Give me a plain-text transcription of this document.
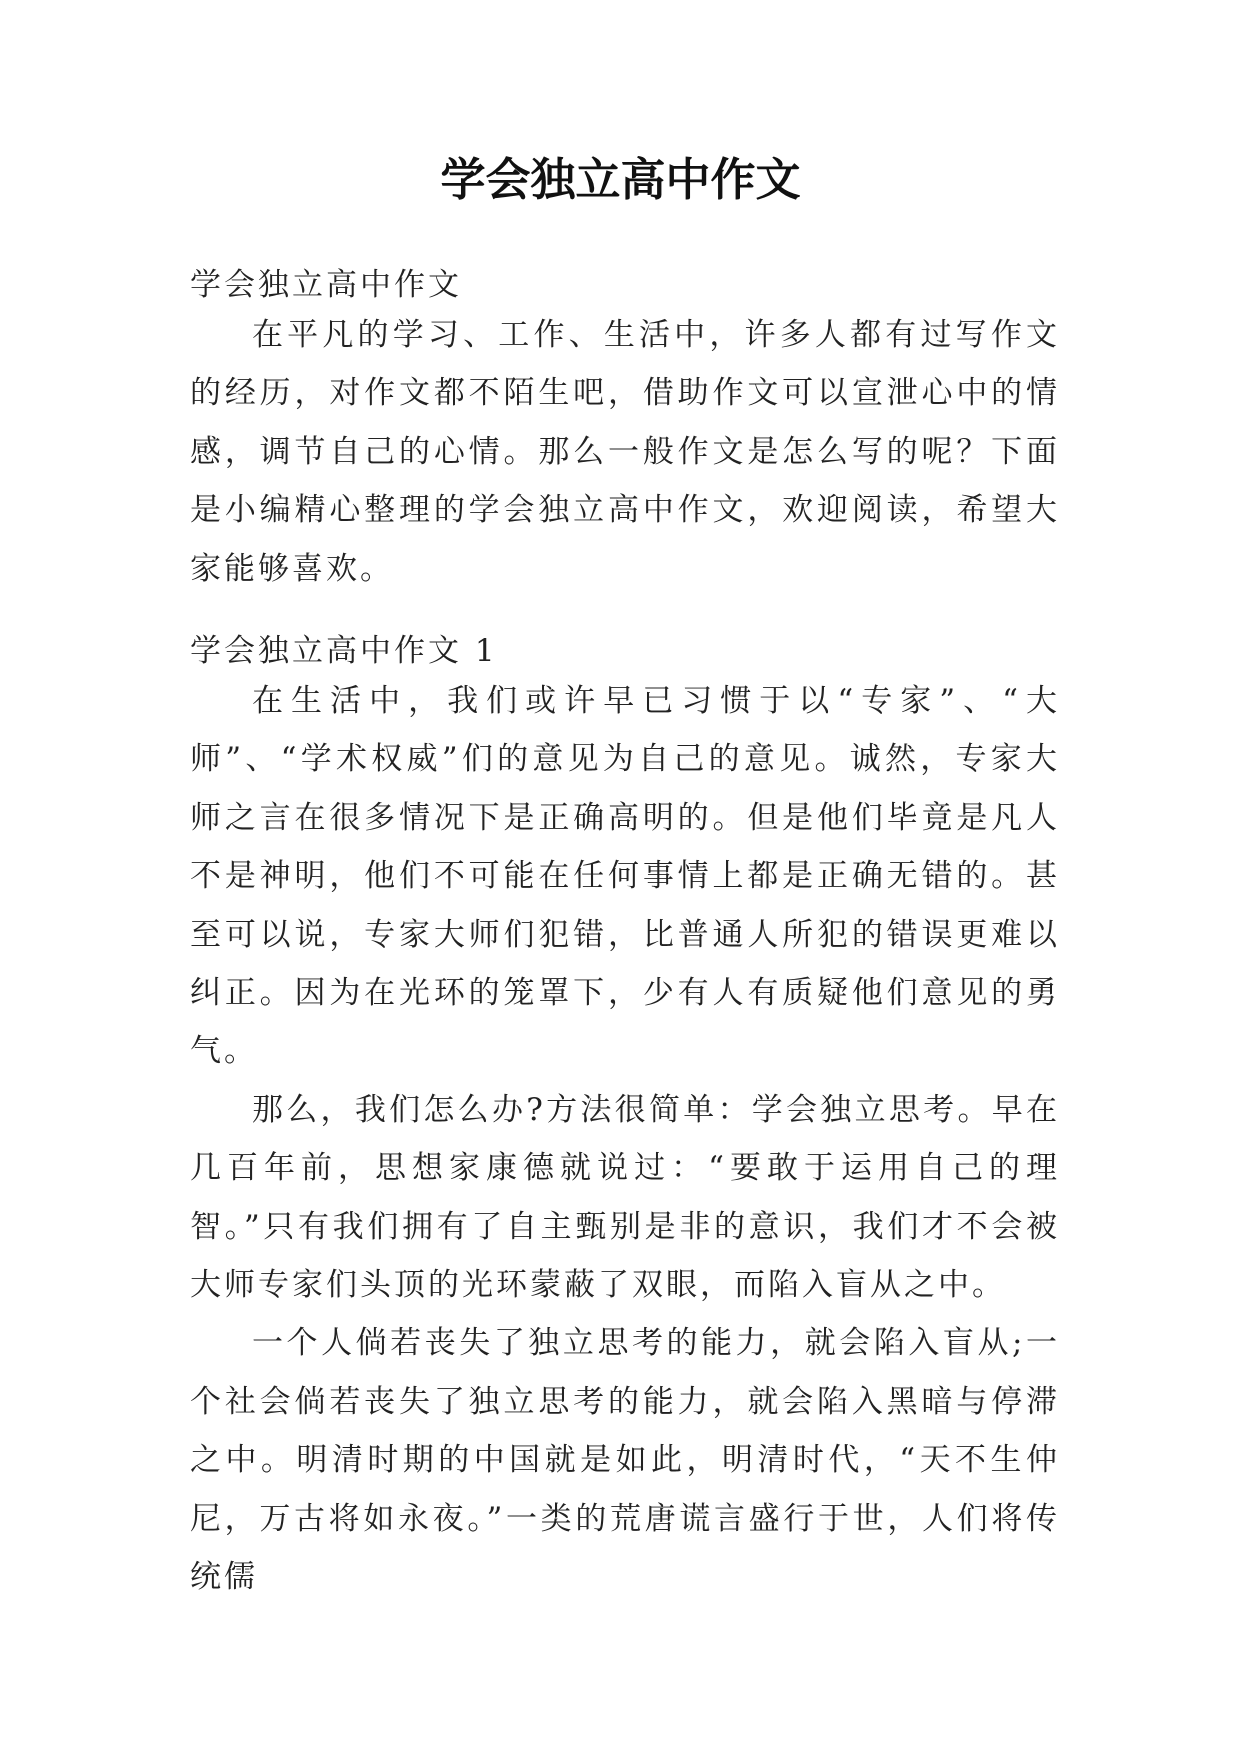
学会独立高中作文
学会独立高中作文

在平凡的学习、工作、生活中，许多人都有过写作文的经历，对作文都不陌生吧，借助作文可以宣泄心中的情感，调节自己的心情。那么一般作文是怎么写的呢？下面是小编精心整理的学会独立高中作文，欢迎阅读，希望大家能够喜欢。

学会独立高中作文 1

在生活中，我们或许早已习惯于以“专家”、“大师”、“学术权威”们的意见为自己的意见。诚然，专家大师之言在很多情况下是正确高明的。但是他们毕竟是凡人不是神明，他们不可能在任何事情上都是正确无错的。甚至可以说，专家大师们犯错，比普通人所犯的错误更难以纠正。因为在光环的笼罩下，少有人有质疑他们意见的勇气。

那么，我们怎么办?方法很简单：学会独立思考。早在几百年前，思想家康德就说过：“要敢于运用自己的理智。”只有我们拥有了自主甄别是非的意识，我们才不会被大师专家们头顶的光环蒙蔽了双眼，而陷入盲从之中。

一个人倘若丧失了独立思考的能力，就会陷入盲从;一个社会倘若丧失了独立思考的能力，就会陷入黑暗与停滞之中。明清时期的中国就是如此，明清时代，“天不生仲尼，万古将如永夜。”一类的荒唐谎言盛行于世，人们将传统儒
